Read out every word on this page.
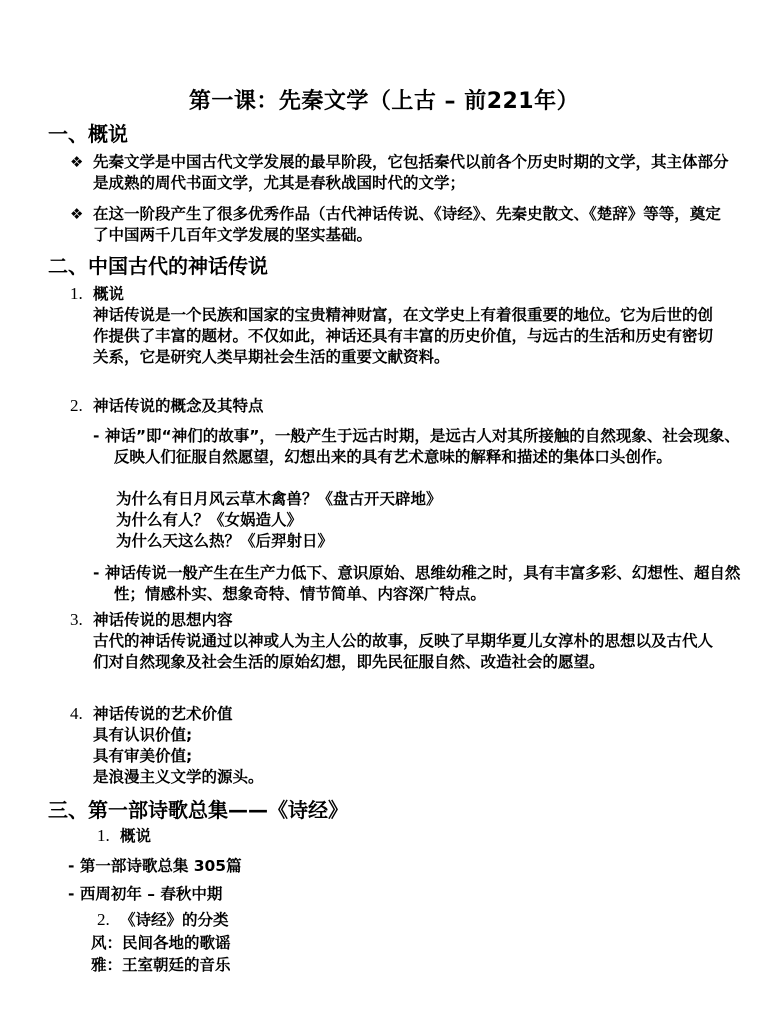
第一课：先秦文学（上古 – 前221年）
一、概说
❖ 先秦文学是中国古代文学发展的最早阶段，它包括秦代以前各个历史时期的文学，其主体部分是成熟的周代书面文学，尤其是春秋战国时代的文学；
❖ 在这一阶段产生了很多优秀作品（古代神话传说、《诗经》、先秦史散文、《楚辞》等等，奠定了中国两千几百年文学发展的坚实基础。
二、中国古代的神话传说
1. 概说
神话传说是一个民族和国家的宝贵精神财富，在文学史上有着很重要的地位。它为后世的创作提供了丰富的题材。不仅如此，神话还具有丰富的历史价值，与远古的生活和历史有密切关系，它是研究人类早期社会生活的重要文献资料。
2. 神话传说的概念及其特点
- 神话”即“神们的故事”，一般产生于远古时期，是远古人对其所接触的自然现象、社会现象、反映人们征服自然愿望，幻想出来的具有艺术意味的解释和描述的集体口头创作。
为什么有日月风云草木禽兽？《盘古开天辟地》
为什么有人？《女娲造人》
为什么天这么热？《后羿射日》
- 神话传说一般产生在生产力低下、意识原始、思维幼稚之时，具有丰富多彩、幻想性、超自然性；情感朴实、想象奇特、情节简单、内容深广特点。
3. 神话传说的思想内容
古代的神话传说通过以神或人为主人公的故事，反映了早期华夏儿女淳朴的思想以及古代人们对自然现象及社会生活的原始幻想，即先民征服自然、改造社会的愿望。
4. 神话传说的艺术价值
具有认识价值;
具有审美价值;
是浪漫主义文学的源头。
三、第一部诗歌总集——《诗经》
1. 概说
- 第一部诗歌总集 305篇
- 西周初年 – 春秋中期
2. 《诗经》的分类
风：民间各地的歌谣
雅：王室朝廷的音乐
